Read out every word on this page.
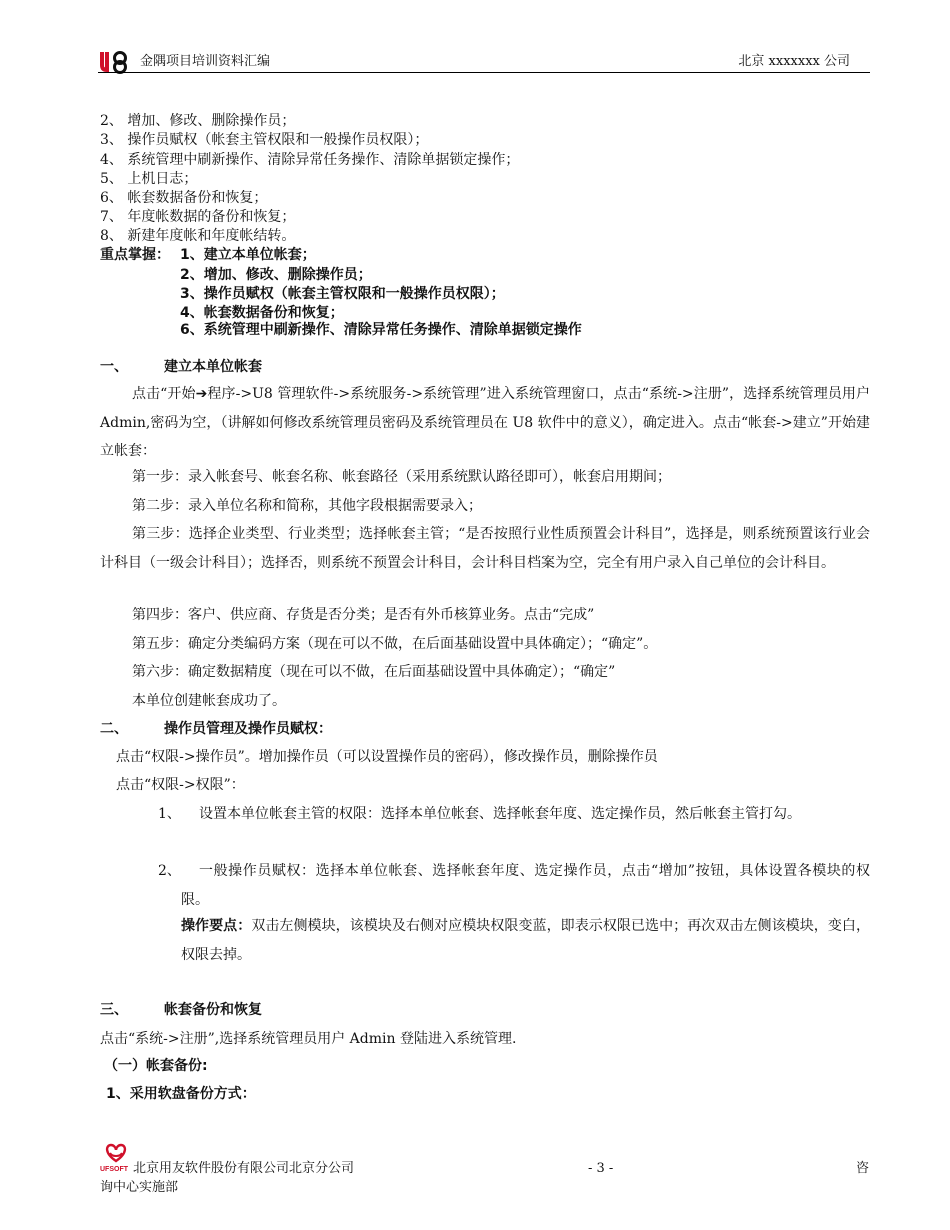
金隅项目培训资料汇编	北京 xxxxxxx 公司
2、 增加、修改、删除操作员；
3、 操作员赋权（帐套主管权限和一般操作员权限）；
4、 系统管理中刷新操作、清除异常任务操作、清除单据锁定操作；
5、 上机日志；
6、 帐套数据备份和恢复；
7、 年度帐数据的备份和恢复；
8、 新建年度帐和年度帐结转。
重点掌握： 1、建立本单位帐套；
2、增加、修改、删除操作员；
3、操作员赋权（帐套主管权限和一般操作员权限）；
4、帐套数据备份和恢复；
6、系统管理中刷新操作、清除异常任务操作、清除单据锁定操作
一、	建立本单位帐套
点击“开始➔程序->U8 管理软件->系统服务->系统管理”进入系统管理窗口，点击“系统->注册”，选择系统管理员用户 Admin,密码为空，（讲解如何修改系统管理员密码及系统管理员在 U8 软件中的意义），确定进入。点击“帐套->建立”开始建立帐套：
第一步：录入帐套号、帐套名称、帐套路径（采用系统默认路径即可），帐套启用期间；
第二步：录入单位名称和简称，其他字段根据需要录入；
第三步：选择企业类型、行业类型；选择帐套主管；“是否按照行业性质预置会计科目”，选择是，则系统预置该行业会计科目（一级会计科目）；选择否，则系统不预置会计科目，会计科目档案为空，完全有用户录入自己单位的会计科目。
第四步：客户、供应商、存货是否分类；是否有外币核算业务。点击“完成”
第五步：确定分类编码方案（现在可以不做，在后面基础设置中具体确定）；“确定”。
第六步：确定数据精度（现在可以不做，在后面基础设置中具体确定）；“确定”
本单位创建帐套成功了。
二、	操作员管理及操作员赋权：
点击“权限->操作员”。增加操作员（可以设置操作员的密码），修改操作员，删除操作员
点击“权限->权限”：
1、	设置本单位帐套主管的权限：选择本单位帐套、选择帐套年度、选定操作员，然后帐套主管打勾。
2、	一般操作员赋权：选择本单位帐套、选择帐套年度、选定操作员，点击“增加”按钮，具体设置各模块的权限。
操作要点：双击左侧模块，该模块及右侧对应模块权限变蓝，即表示权限已选中；再次双击左侧该模块，变白，权限去掉。
三、	帐套备份和恢复
点击“系统->注册”,选择系统管理员用户 Admin 登陆进入系统管理.
（一）帐套备份:
1、采用软盘备份方式：
UFSOFT 北京用友软件股份有限公司北京分公司
询中心实施部
- 3 -	咨
